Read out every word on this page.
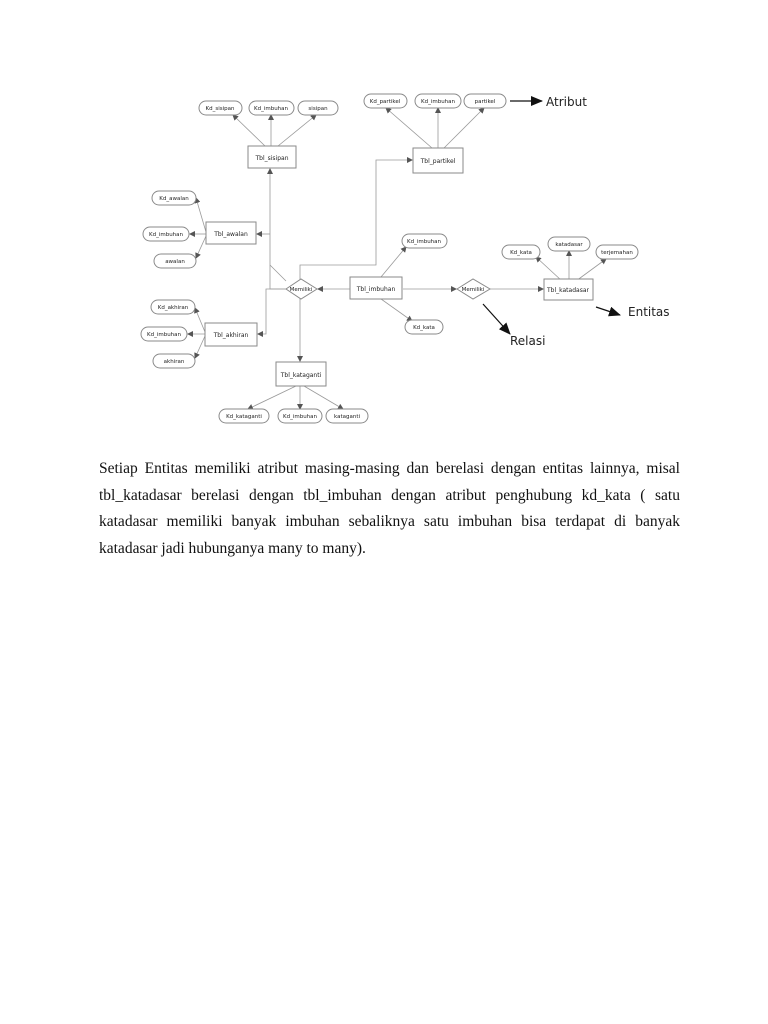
Tbl_sisipan	Tbl_partikel
Tbl_awalan
Tbl_akhiran
Tbl_imbuhan	Tbl_katadasar
Tbl_kataganti
Memiliki	Memiliki
Kd_sisipan	Kd_imbuhan	sisipan
Kd_partikel	Kd_imbuhan	partikel
Kd_awalan
Kd_imbuhan
awalan
Kd_akhiran
Kd_imbuhan
akhiran
Kd_imbuhan
Kd_kata
Kd_kata
katadasar
terjemahan
Kd_kataganti	Kd_imbuhan	kataganti
Atribut
Entitas
Relasi

Setiap Entitas memiliki atribut masing-masing dan berelasi dengan entitas lainnya, misal tbl_katadasar berelasi dengan tbl_imbuhan dengan atribut penghubung kd_kata ( satu katadasar memiliki banyak imbuhan sebaliknya satu imbuhan bisa terdapat di banyak katadasar jadi hubunganya many to many).
